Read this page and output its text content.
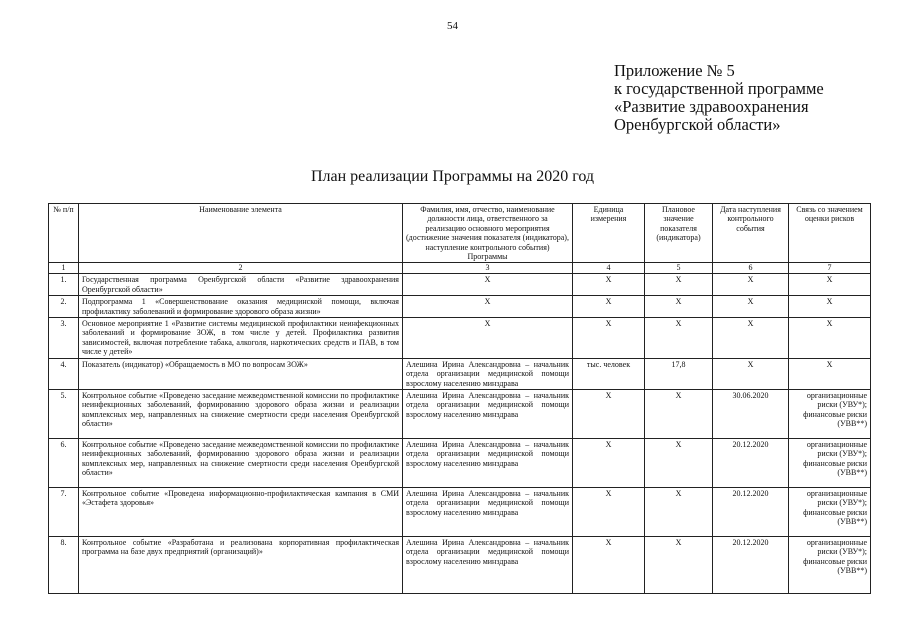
54
Приложение № 5
к государственной программе
«Развитие здравоохранения
Оренбургской области»
План реализации Программы на 2020 год
№ п/п	Наименование элемента	Фамилия, имя, отчество, наименование должности лица, ответственного за реализацию основного мероприятия (достижение значения показателя (индикатора), наступление контрольного события) Программы	Единица измерения	Плановое значение показателя (индикатора)	Дата наступления контрольного события	Связь со значением оценки рисков
1	2	3	4	5	6	7
1.	Государственная программа Оренбургской области «Развитие здравоохранения Оренбургской области»	X	X	X	X	X
2.	Подпрограмма 1 «Совершенствование оказания медицинской помощи, включая профилактику заболеваний и формирование здорового образа жизни»	X	X	X	X	X
3.	Основное мероприятие 1 «Развитие системы медицинской профилактики неинфекционных заболеваний и формирование ЗОЖ, в том числе у детей. Профилактика развития зависимостей, включая потребление табака, алкоголя, наркотических средств и ПАВ, в том числе у детей»	X	X	X	X	X
4.	Показатель (индикатор) «Обращаемость в МО по вопросам ЗОЖ»	Алешина Ирина Александровна – начальник отдела организации медицинской помощи взрослому населению минздрава	тыс. человек	17,8	X	X
5.	Контрольное событие «Проведено заседание межведомственной комиссии по профилактике неинфекционных заболеваний, формированию здорового образа жизни и реализации комплексных мер, направленных на снижение смертности среди населения Оренбургской области»	Алешина Ирина Александровна – начальник отдела организации медицинской помощи взрослому населению минздрава	X	X	30.06.2020	организационные риски (УВУ*); финансовые риски (УВВ**)
6.	Контрольное событие «Проведено заседание межведомственной комиссии по профилактике неинфекционных заболеваний, формированию здорового образа жизни и реализации комплексных мер, направленных на снижение смертности среди населения Оренбургской области»	Алешина Ирина Александровна – начальник отдела организации медицинской помощи взрослому населению минздрава	X	X	20.12.2020	организационные риски (УВУ*); финансовые риски (УВВ**)
7.	Контрольное событие «Проведена информационно-профилактическая кампания в СМИ «Эстафета здоровья»	Алешина Ирина Александровна – начальник отдела организации медицинской помощи взрослому населению минздрава	X	X	20.12.2020	организационные риски (УВУ*); финансовые риски (УВВ**)
8.	Контрольное событие «Разработана и реализована корпоративная профилактическая программа на базе двух предприятий (организаций)»	Алешина Ирина Александровна – начальник отдела организации медицинской помощи взрослому населению минздрава	X	X	20.12.2020	организационные риски (УВУ*); финансовые риски (УВВ**)
